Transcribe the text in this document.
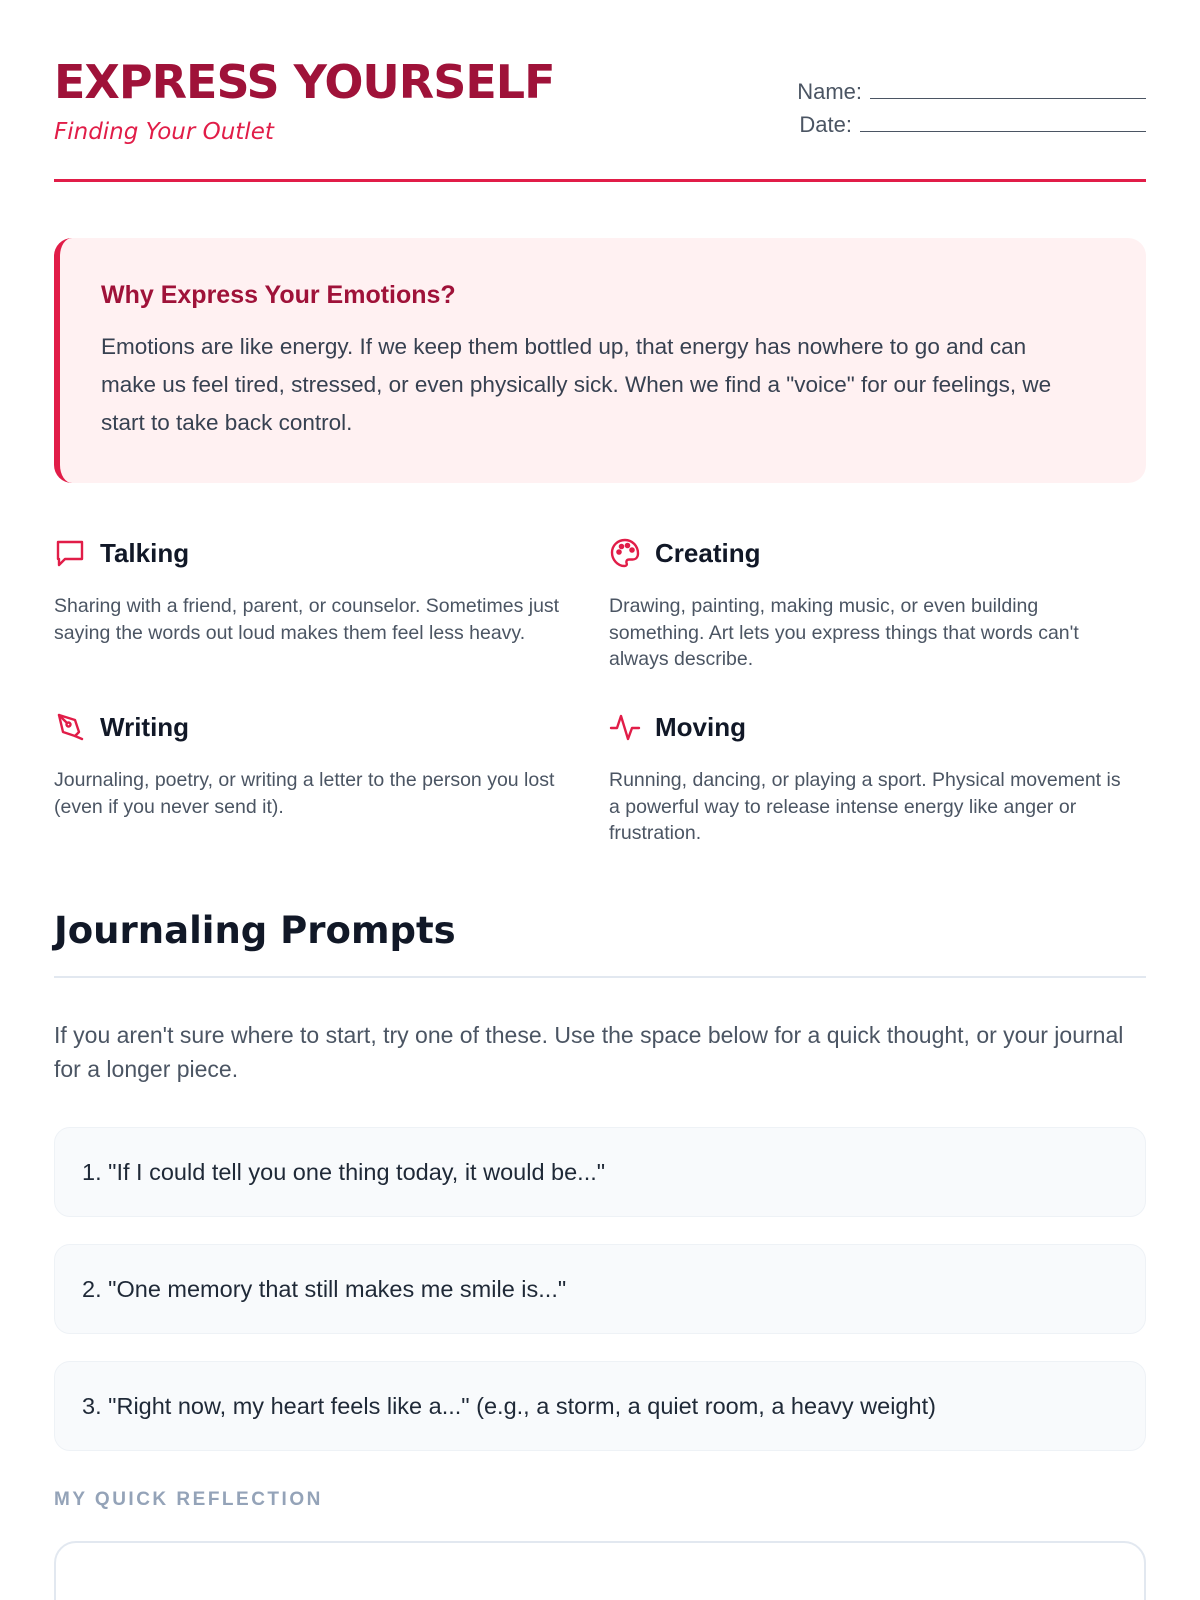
EXPRESS YOURSELF
Finding Your Outlet
Name:
Date:
Why Express Your Emotions?

Emotions are like energy. If we keep them bottled up, that energy has nowhere to go and can make us feel tired, stressed, or even physically sick. When we find a "voice" for our feelings, we start to take back control.

Talking

Sharing with a friend, parent, or counselor. Sometimes just saying the words out loud makes them feel less heavy.

Creating

Drawing, painting, making music, or even building something. Art lets you express things that words can't always describe.

Writing

Journaling, poetry, or writing a letter to the person you lost (even if you never send it).

Moving

Running, dancing, or playing a sport. Physical movement is a powerful way to release intense energy like anger or frustration.

Journaling Prompts

If you aren't sure where to start, try one of these. Use the space below for a quick thought, or your journal for a longer piece.

1. "If I could tell you one thing today, it would be..."
2. "One memory that still makes me smile is..."
3. "Right now, my heart feels like a..." (e.g., a storm, a quiet room, a heavy weight)
MY QUICK REFLECTION
